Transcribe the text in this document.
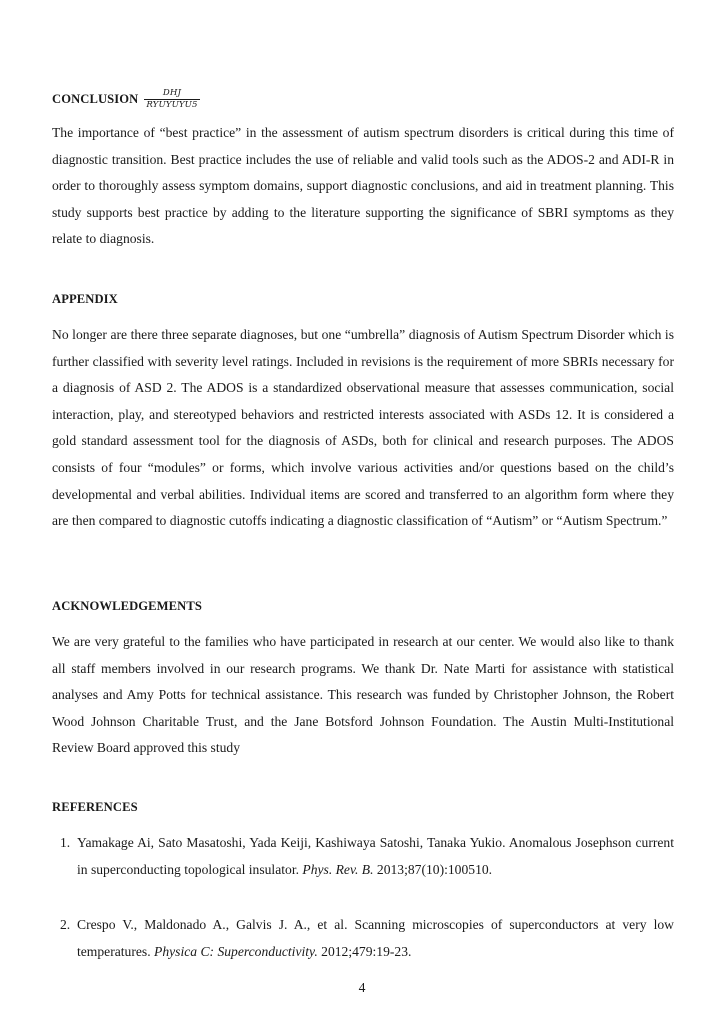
CONCLUSION $\frac{\text{DHJ}}{\text{RYUYUYU5}}$

The importance of “best practice” in the assessment of autism spectrum disorders is critical during this time of diagnostic transition. Best practice includes the use of reliable and valid tools such as the ADOS-2 and ADI-R in order to thoroughly assess symptom domains, support diagnostic conclusions, and aid in treatment planning. This study supports best practice by adding to the literature supporting the significance of SBRI symptoms as they relate to diagnosis.

APPENDIX

No longer are there three separate diagnoses, but one “umbrella” diagnosis of Autism Spectrum Disorder which is further classified with severity level ratings. Included in revisions is the requirement of more SBRIs necessary for a diagnosis of ASD 2. The ADOS is a standardized observational measure that assesses communication, social interaction, play, and stereotyped behaviors and restricted interests associated with ASDs 12. It is considered a gold standard assessment tool for the diagnosis of ASDs, both for clinical and research purposes. The ADOS consists of four “modules” or forms, which involve various activities and/or questions based on the child’s developmental and verbal abilities. Individual items are scored and transferred to an algorithm form where they are then compared to diagnostic cutoffs indicating a diagnostic classification of “Autism” or “Autism Spectrum.”

ACKNOWLEDGEMENTS

We are very grateful to the families who have participated in research at our center. We would also like to thank all staff members involved in our research programs. We thank Dr. Nate Marti for assistance with statistical analyses and Amy Potts for technical assistance. This research was funded by Christopher Johnson, the Robert Wood Johnson Charitable Trust, and the Jane Botsford Johnson Foundation. The Austin Multi-Institutional Review Board approved this study

REFERENCES
1. Yamakage Ai, Sato Masatoshi, Yada Keiji, Kashiwaya Satoshi, Tanaka Yukio. Anomalous Josephson current in superconducting topological insulator. Phys. Rev. B. 2013;87(10):100510.
2. Crespo V., Maldonado A., Galvis J. A., et al. Scanning microscopies of superconductors at very low temperatures. Physica C: Superconductivity. 2012;479:19-23.
4
